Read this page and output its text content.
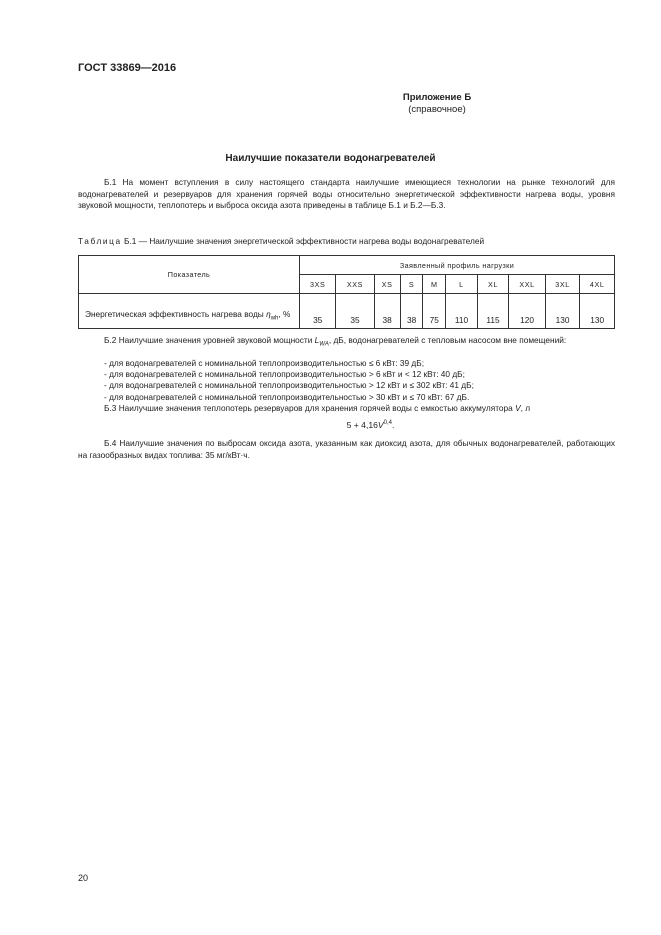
ГОСТ 33869—2016
Приложение Б
(справочное)
Наилучшие показатели водонагревателей
Б.1 На момент вступления в силу настоящего стандарта наилучшие имеющиеся технологии на рынке технологий для водонагревателей и резервуаров для хранения горячей воды относительно энергетической эффективности нагрева воды, уровня звуковой мощности, теплопотерь и выброса оксида азота приведены в таблице Б.1 и Б.2—Б.3.
Таблица Б.1 — Наилучшие значения энергетической эффективности нагрева воды водонагревателей
Показатель	Заявленный профиль нагрузки									
	3XS	XXS	XS	S	M	L	XL	XXL	3XL	4XL
Энергетическая эффективность нагрева воды $\eta_{wh}$, %	35	35	38	38	75	110	115	120	130	130
Б.2 Наилучшие значения уровней звуковой мощности $L_{WA}$, дБ, водонагревателей с тепловым насосом вне помещений:
- для водонагревателей с номинальной теплопроизводительностью ≤ 6 кВт: 39 дБ;
- для водонагревателей с номинальной теплопроизводительностью > 6 кВт и < 12 кВт: 40 дБ;
- для водонагревателей с номинальной теплопроизводительностью > 12 кВт и ≤ 302 кВт: 41 дБ;
- для водонагревателей с номинальной теплопроизводительностью > 30 кВт и ≤ 70 кВт: 67 дБ.
Б.3 Наилучшие значения теплопотерь резервуаров для хранения горячей воды с емкостью аккумулятора V, л
$5 + 4,16V^{0,4}$.
Б.4 Наилучшие значения по выбросам оксида азота, указанным как диоксид азота, для обычных водонагревателей, работающих на газообразных видах топлива: 35 мг/кВт·ч.
20
